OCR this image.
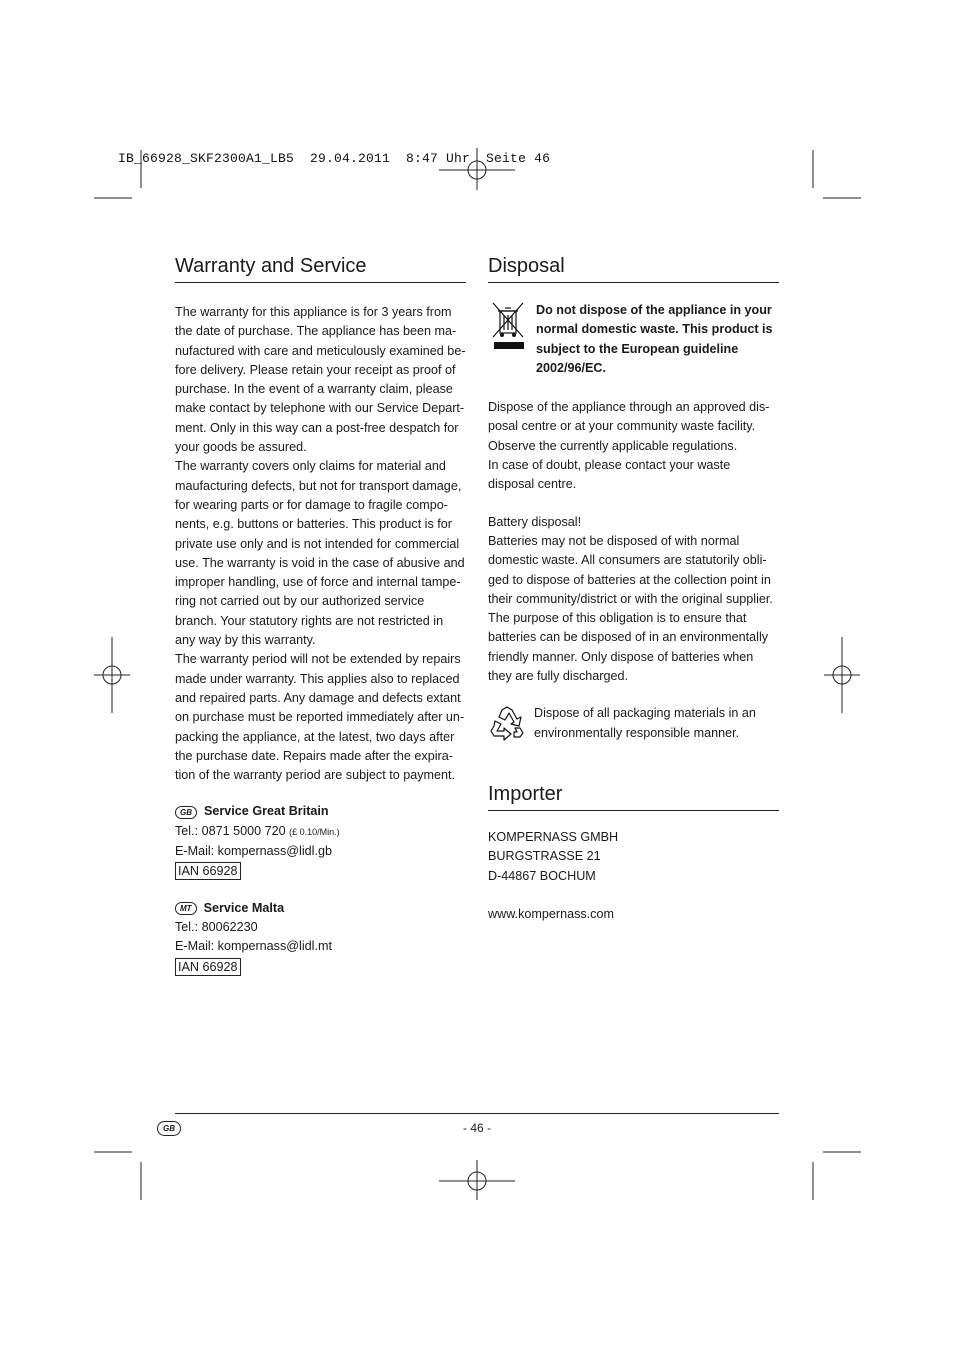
IB_66928_SKF2300A1_LB5  29.04.2011  8:47 Uhr  Seite 46
Warranty and Service

The warranty for this appliance is for 3 years from the date of purchase. The appliance has been ma-nufactured with care and meticulously examined be-fore delivery. Please retain your receipt as proof of purchase. In the event of a warranty claim, please make contact by telephone with our Service Depart-ment. Only in this way can a post-free despatch for your goods be assured.

The warranty covers only claims for material and maufacturing defects, but not for transport damage, for wearing parts or for damage to fragile compo-nents, e.g. buttons or batteries. This product is for private use only and is not intended for commercial use. The warranty is void in the case of abusive and improper handling, use of force and internal tampe-ring not carried out by our authorized service branch. Your statutory rights are not restricted in any way by this warranty.

The warranty period will not be extended by repairs made under warranty. This applies also to replaced and repaired parts. Any damage and defects extant on purchase must be reported immediately after un-packing the appliance, at the latest, two days after the purchase date. Repairs made after the expira-tion of the warranty period are subject to payment.

GB Service Great Britain
Tel.: 0871 5000 720 (£ 0.10/Min.)
E-Mail: kompernass@lidl.gb
IAN 66928
MT Service Malta
Tel.: 80062230
E-Mail: kompernass@lidl.mt
IAN 66928
Disposal
Do not dispose of the appliance in your normal domestic waste. This product is subject to the European guideline 2002/96/EC.

Dispose of the appliance through an approved dis-posal centre or at your community waste facility. Observe the currently applicable regulations.

In case of doubt, please contact your waste disposal centre.

Battery disposal!

Batteries may not be disposed of with normal domestic waste. All consumers are statutorily obli-ged to dispose of batteries at the collection point in their community/district or with the original supplier. The purpose of this obligation is to ensure that batteries can be disposed of in an environmentally friendly manner. Only dispose of batteries when they are fully discharged.

Dispose of all packaging materials in an environmentally responsible manner.
Importer

KOMPERNASS GMBH

BURGSTRASSE 21

D-44867 BOCHUM

www.kompernass.com

GB	- 46 -
